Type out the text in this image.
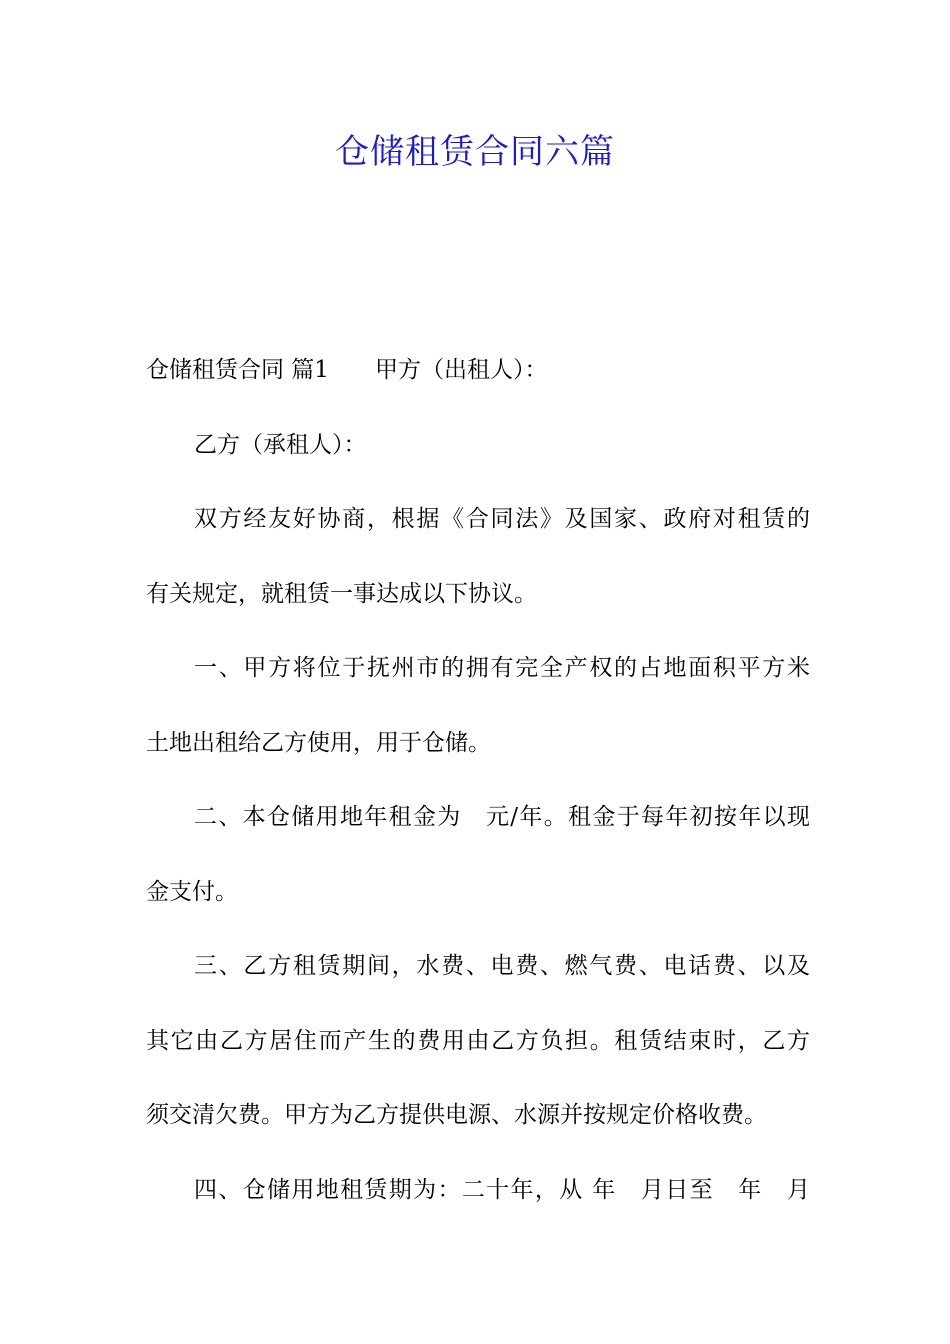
仓储租赁合同六篇
仓储租赁合同 篇1 甲方（出租人）：
乙方（承租人）：
双方经友好协商，根据《合同法》及国家、政府对租赁的
有关规定，就租赁一事达成以下协议。
一、甲方将位于抚州市的拥有完全产权的占地面积平方米
土地出租给乙方使用，用于仓储。
二、本仓储用地年租金为　元/年。租金于每年初按年以现
金支付。
三、乙方租赁期间，水费、电费、燃气费、电话费、以及
其它由乙方居住而产生的费用由乙方负担。租赁结束时，乙方
须交清欠费。甲方为乙方提供电源、水源并按规定价格收费。
四、仓储用地租赁期为：二十年，从 年　月日至　年　月
